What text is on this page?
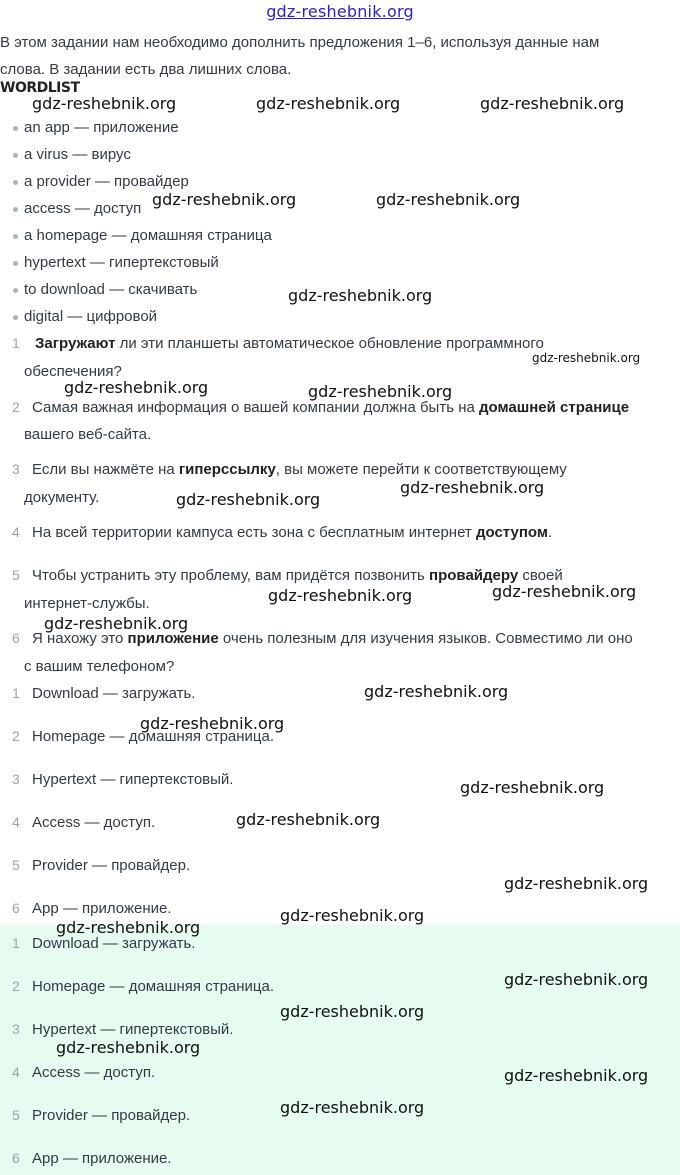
gdz-reshebnik.org
В этом задании нам необходимо дополнить предложения 1–6, используя данные нам
слова. В задании есть два лишних слова.
WORDLIST
an app — приложение
a virus — вирус
a provider — провайдер
access — доступ
a homepage — домашняя страница
hypertext — гипертекстовый
to download — скачивать
digital — цифровой
1 Загружают ли эти планшеты автоматическое обновление программного
обеспечения?
2 Самая важная информация о вашей компании должна быть на домашней странице
вашего веб-сайта.
3 Если вы нажмёте на гиперссылку, вы можете перейти к соответствующему
документу.
4 На всей территории кампуса есть зона с бесплатным интернет доступом.
5 Чтобы устранить эту проблему, вам придётся позвонить провайдеру своей
интернет-службы.
6 Я нахожу это приложение очень полезным для изучения языков. Совместимо ли оно
с вашим телефоном?
1 Download — загружать.
2 Homepage — домашняя страница.
3 Hypertext — гипертекстовый.
4 Access — доступ.
5 Provider — провайдер.
6 App — приложение.
1 Download — загружать.
2 Homepage — домашняя страница.
3 Hypertext — гипертекстовый.
4 Access — доступ.
5 Provider — провайдер.
6 App — приложение.
gdz-reshebnik.org	gdz-reshebnik.org	gdz-reshebnik.org
gdz-reshebnik.org	gdz-reshebnik.org
gdz-reshebnik.org
gdz-reshebnik.org
gdz-reshebnik.org	gdz-reshebnik.org
gdz-reshebnik.org
gdz-reshebnik.org
gdz-reshebnik.org
gdz-reshebnik.org
gdz-reshebnik.org
gdz-reshebnik.org
gdz-reshebnik.org
gdz-reshebnik.org
gdz-reshebnik.org
gdz-reshebnik.org
gdz-reshebnik.org
gdz-reshebnik.org
gdz-reshebnik.org
gdz-reshebnik.org
gdz-reshebnik.org
gdz-reshebnik.org
gdz-reshebnik.org
